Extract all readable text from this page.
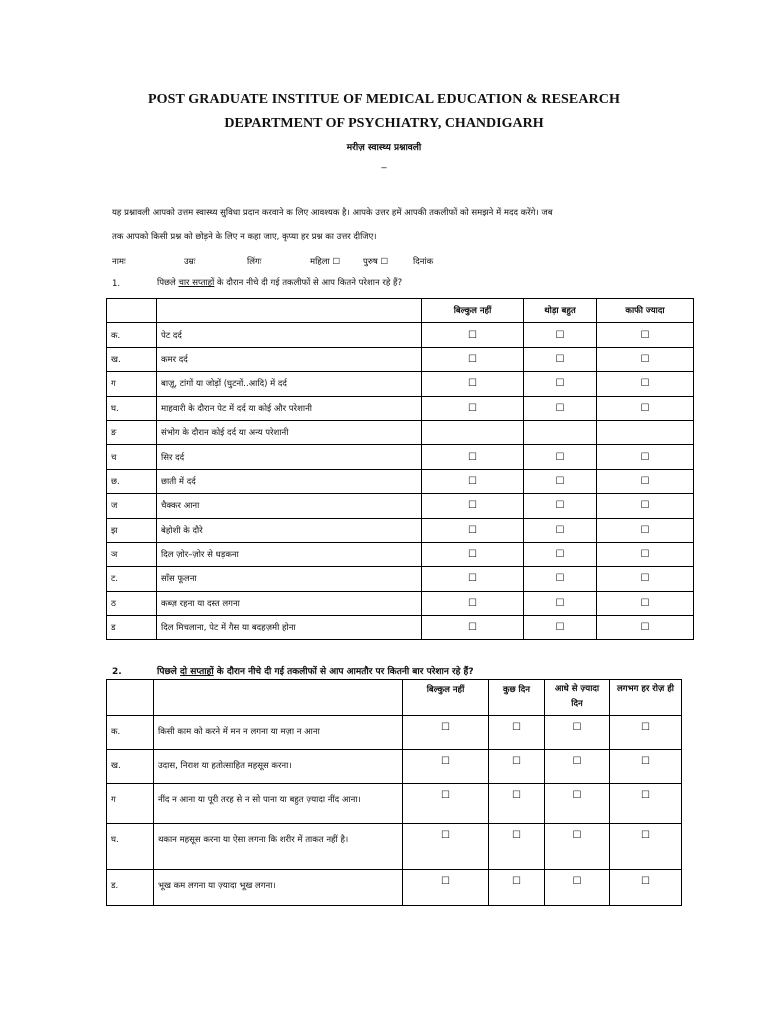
POST GRADUATE INSTITUE OF MEDICAL EDUCATION & RESEARCH
DEPARTMENT OF PSYCHIATRY, CHANDIGARH
मरीज़ स्वास्थ्य प्रश्नावली
_
यह प्रश्नावली आपको उत्तम स्वास्थ्य सुविधा प्रदान करवाने क लिए आवश्यक है। आपके उत्तर हमें आपकी तकलीफों को समझने में मदद करेंगे। जब
तक आपको किसी प्रश्न को छोड़ने के लिए न कहा जाए, कृप्या हर प्रश्न का उत्तर दीजिए।
नामः	उम्रः	लिंगः	महिला ☐	पुरुष ☐	दिनांक
1.	पिछले चार सप्ताहों के दौरान नीचे दी गई तकलीफों से आप कितने परेशान रहे हैं?
		बिल्कुल नहीं	थोड़ा बहुत	काफी ज्यादा
क.	पेट दर्द	☐	☐	☐
ख.	कमर दर्द	☐	☐	☐
ग	बाज़ू, टांगों या जोड़ों (घुटनों..आदि) में दर्द	☐	☐	☐
घ.	माहवारी के दौरान पेट में दर्द या कोई और परेशानी	☐	☐	☐
ङ	संभोग के दौरान कोई दर्द या अन्य परेशानी			
च	सिर दर्द	☐	☐	☐
छ.	छाती में दर्द	☐	☐	☐
ज	चैक्कर आना	☐	☐	☐
झ	बेहोशी के दौरे	☐	☐	☐
ञ	दिल ज़ोर–ज़ोर से धड़कना	☐	☐	☐
ट.	साँस फूलना	☐	☐	☐
ठ	कब्ज़ रहना या दस्त लगना	☐	☐	☐
ड	दिल मिचलाना, पेट में गैस या बदहज़मी होना	☐	☐	☐
2.	पिछले दो सप्ताहों के दौरान नीचे दी गई तकलीफों से आप आमतौर पर कितनी बार परेशान रहे हैं?
		बिल्कुल नहीं	कुछ दिन	आधे से ज़्यादा दिन	लगभग हर रोज़ ही
क.	किसी काम को करने में मन न लगना या मज़ा न आना	☐	☐	☐	☐
ख.	उदास, निराश या हतोत्साहित महसूस करना।	☐	☐	☐	☐
ग	नींद न आना या पूरी तरह से न सो पाना या बहुत ज़्यादा नींद आना।	☐	☐	☐	☐
घ.	थकान महसूस करना या ऐसा लगना कि शरीर में ताकत नहीं है।	☐	☐	☐	☐
ड.	भूख कम लगना या ज़्यादा भूख लगना।	☐	☐	☐	☐
